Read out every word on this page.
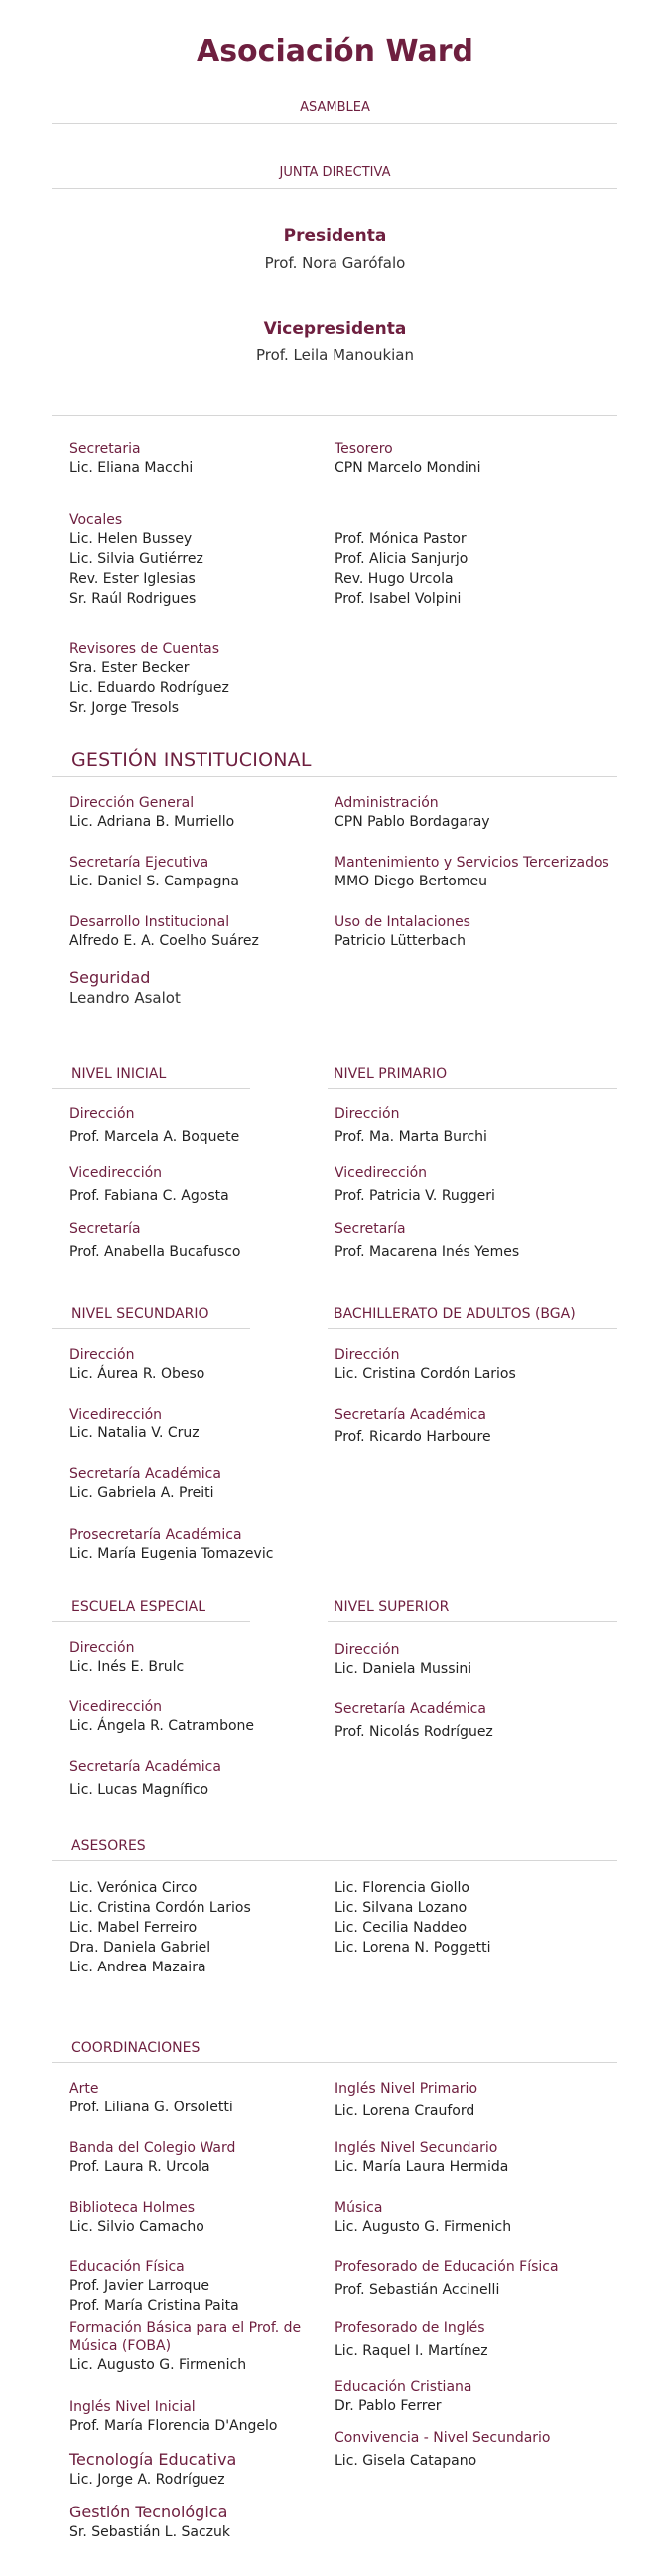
Asociación Ward
ASAMBLEA
JUNTA DIRECTIVA
Presidenta
Prof. Nora Garófalo
Vicepresidenta
Prof. Leila Manoukian
Secretaria
Lic. Eliana Macchi
Tesorero
CPN Marcelo Mondini
Vocales
Lic. Helen Bussey
Lic. Silvia Gutiérrez
Rev. Ester Iglesias
Sr. Raúl Rodrigues
Prof. Mónica Pastor
Prof. Alicia Sanjurjo
Rev. Hugo Urcola
Prof. Isabel Volpini
Revisores de Cuentas
Sra. Ester Becker
Lic. Eduardo Rodríguez
Sr. Jorge Tresols
GESTIÓN INSTITUCIONAL
Dirección General
Lic. Adriana B. Murriello
Administración
CPN Pablo Bordagaray
Secretaría Ejecutiva
Lic. Daniel S. Campagna
Mantenimiento y Servicios Tercerizados
MMO Diego Bertomeu
Desarrollo Institucional
Alfredo E. A. Coelho Suárez
Uso de Intalaciones
Patricio Lütterbach
Seguridad
Leandro Asalot
NIVEL INICIAL	NIVEL PRIMARIO
Dirección
Prof. Marcela A. Boquete
Vicedirección
Prof. Fabiana C. Agosta
Secretaría
Prof. Anabella Bucafusco
Dirección
Prof. Ma. Marta Burchi
Vicedirección
Prof. Patricia V. Ruggeri
Secretaría
Prof. Macarena Inés Yemes
NIVEL SECUNDARIO	BACHILLERATO DE ADULTOS (BGA)
Dirección
Lic. Áurea R. Obeso
Vicedirección
Lic. Natalia V. Cruz
Secretaría Académica
Lic. Gabriela A. Preiti
Prosecretaría Académica
Lic. María Eugenia Tomazevic
Dirección
Lic. Cristina Cordón Larios
Secretaría Académica
Prof. Ricardo Harboure
ESCUELA ESPECIAL	NIVEL SUPERIOR
Dirección
Lic. Inés E. Brulc
Vicedirección
Lic. Ángela R. Catrambone
Secretaría Académica
Lic. Lucas Magnífico
Dirección
Lic. Daniela Mussini
Secretaría Académica
Prof. Nicolás Rodríguez
ASESORES
Lic. Verónica Circo
Lic. Cristina Cordón Larios
Lic. Mabel Ferreiro
Dra. Daniela Gabriel
Lic. Andrea Mazaira
Lic. Florencia Giollo
Lic. Silvana Lozano
Lic. Cecilia Naddeo
Lic. Lorena N. Poggetti
COORDINACIONES
Arte
Prof. Liliana G. Orsoletti
Banda del Colegio Ward
Prof. Laura R. Urcola
Biblioteca Holmes
Lic. Silvio Camacho
Educación Física
Prof. Javier Larroque
Prof. María Cristina Paita
Formación Básica para el Prof. de Música (FOBA)
Lic. Augusto G. Firmenich
Inglés Nivel Inicial
Prof. María Florencia D'Angelo
Tecnología Educativa
Lic. Jorge A. Rodríguez
Gestión Tecnológica
Sr. Sebastián L. Saczuk
Inglés Nivel Primario
Lic. Lorena Crauford
Inglés Nivel Secundario
Lic. María Laura Hermida
Música
Lic. Augusto G. Firmenich
Profesorado de Educación Física
Prof. Sebastián Accinelli
Profesorado de Inglés
Lic. Raquel I. Martínez
Educación Cristiana
Dr. Pablo Ferrer
Convivencia - Nivel Secundario
Lic. Gisela Catapano
